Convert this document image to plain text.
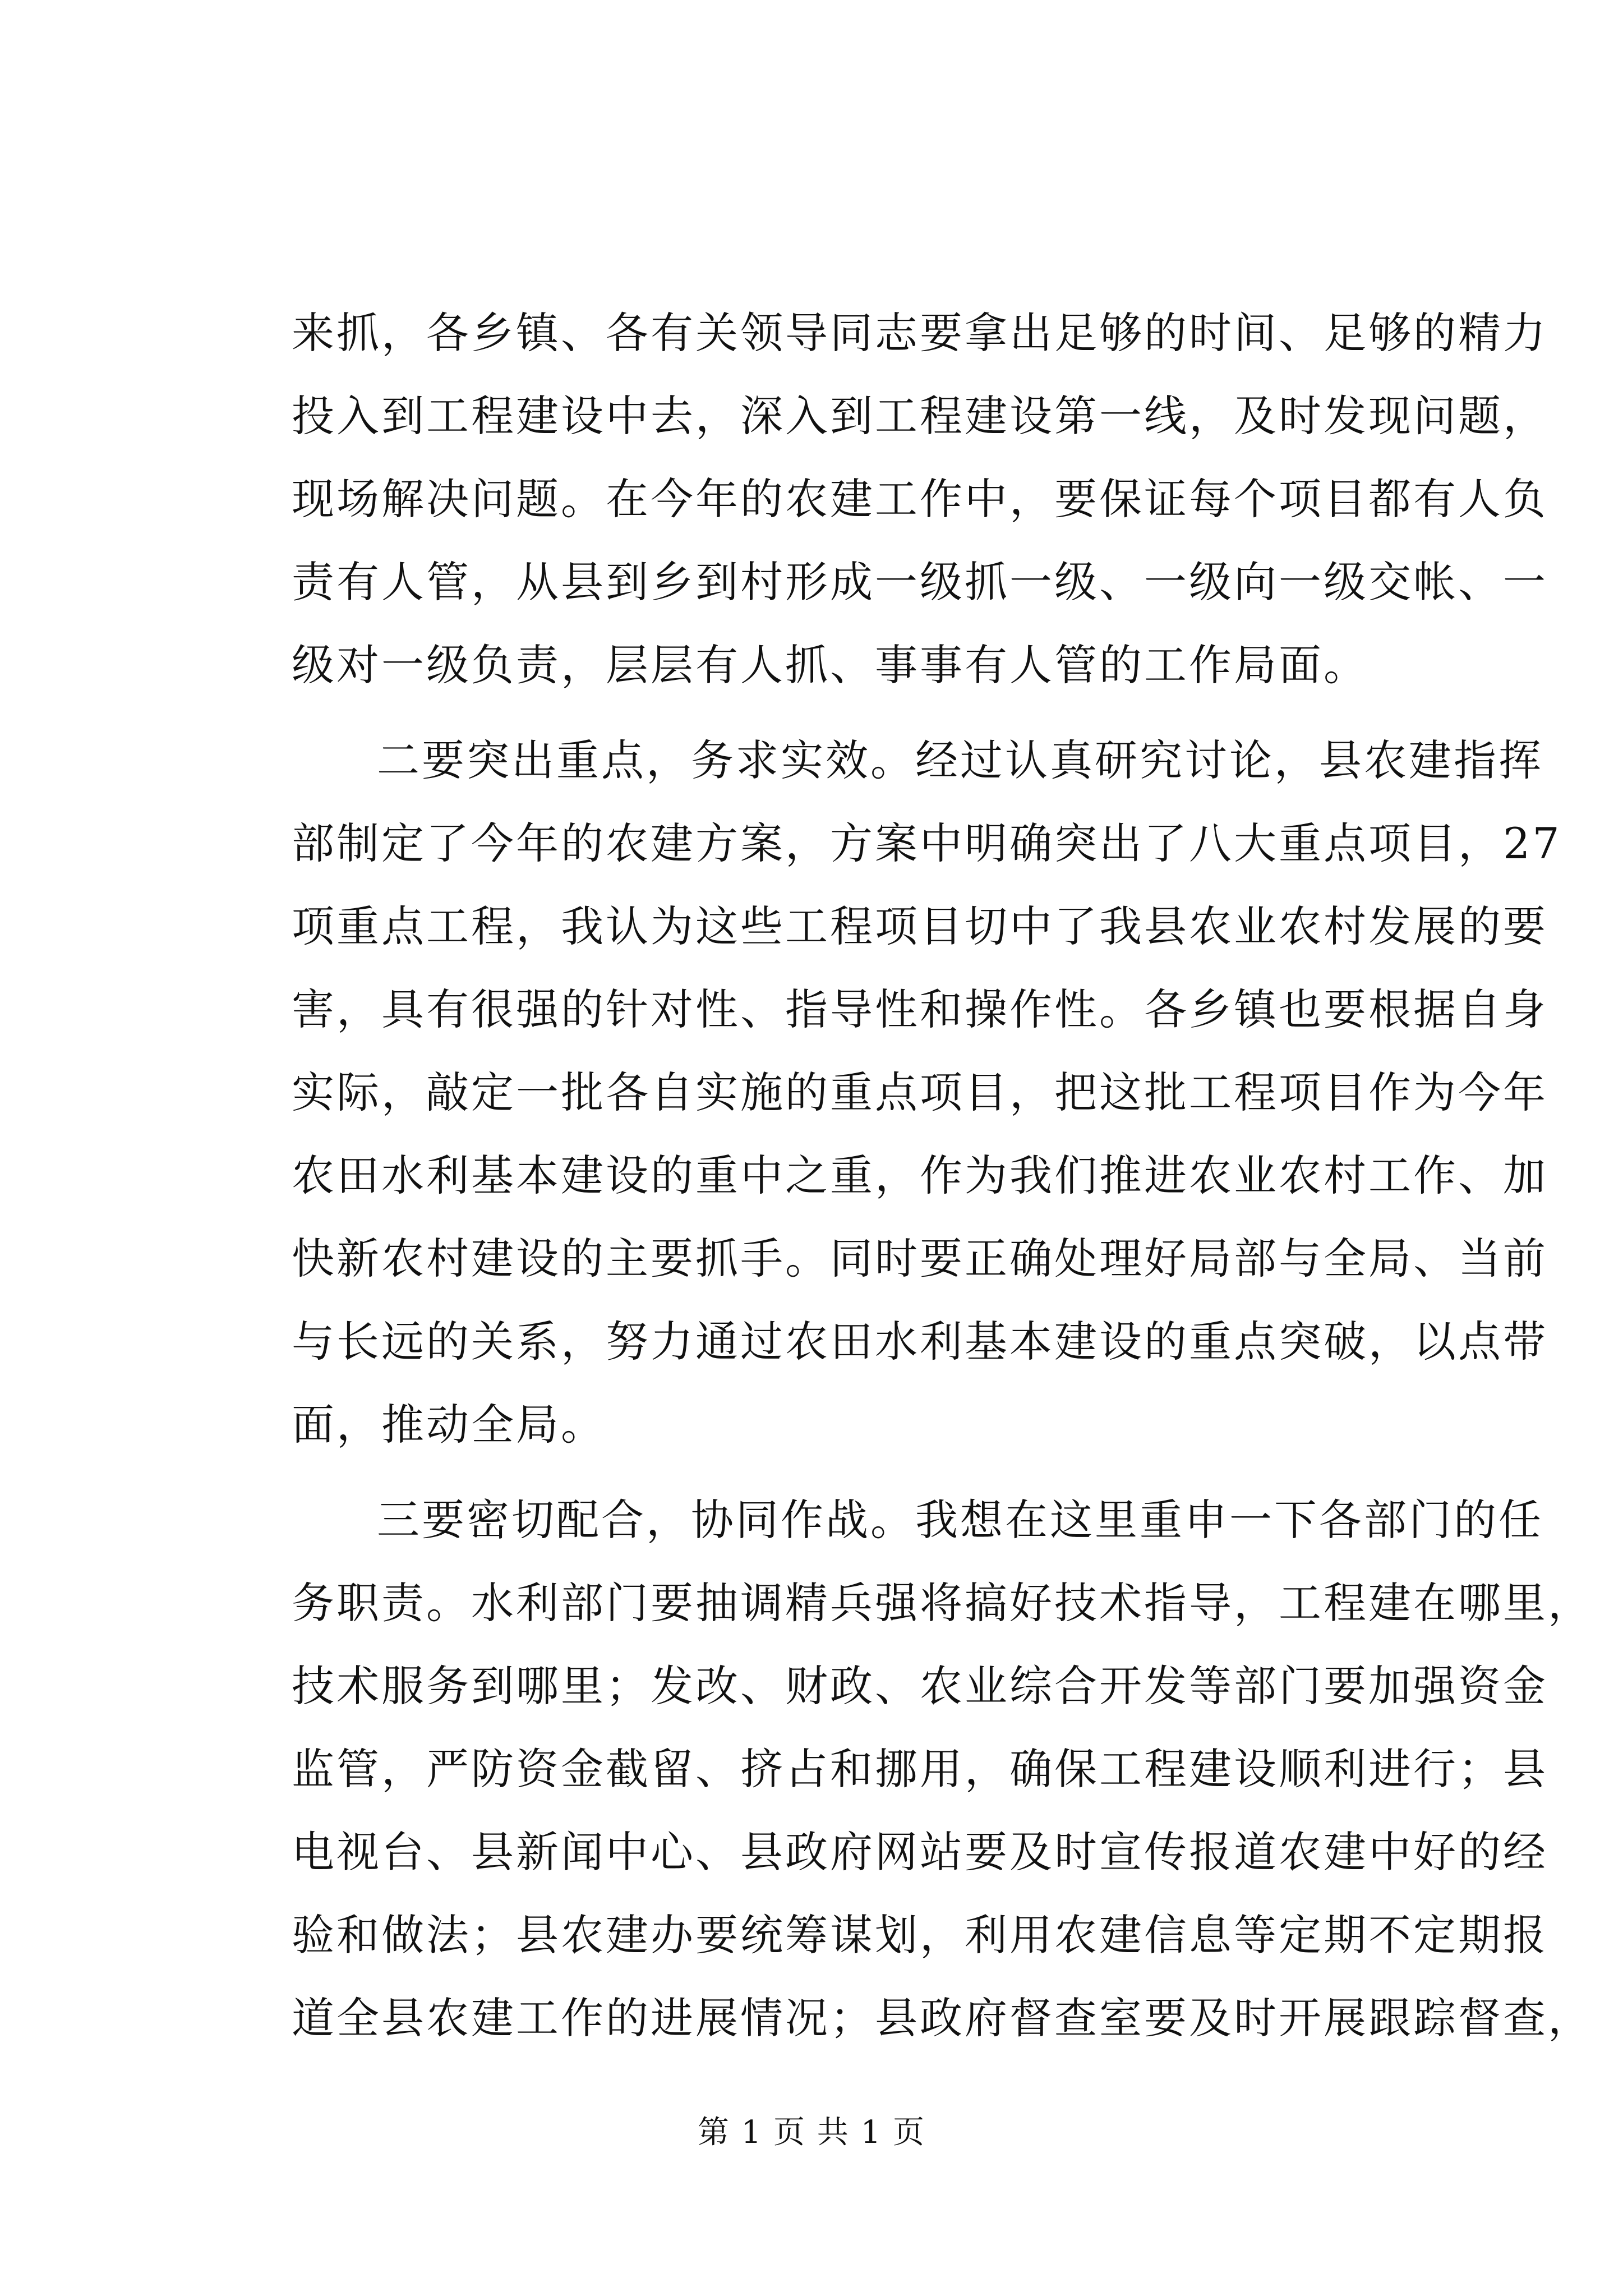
来抓，各乡镇、各有关领导同志要拿出足够的时间、足够的精力
投入到工程建设中去，深入到工程建设第一线，及时发现问题，
现场解决问题。在今年的农建工作中，要保证每个项目都有人负
责有人管，从县到乡到村形成一级抓一级、一级向一级交帐、一
级对一级负责，层层有人抓、事事有人管的工作局面。
二要突出重点，务求实效。经过认真研究讨论，县农建指挥
部制定了今年的农建方案，方案中明确突出了八大重点项目，27
项重点工程，我认为这些工程项目切中了我县农业农村发展的要
害，具有很强的针对性、指导性和操作性。各乡镇也要根据自身
实际，敲定一批各自实施的重点项目，把这批工程项目作为今年
农田水利基本建设的重中之重，作为我们推进农业农村工作、加
快新农村建设的主要抓手。同时要正确处理好局部与全局、当前
与长远的关系，努力通过农田水利基本建设的重点突破，以点带
面，推动全局。
三要密切配合，协同作战。我想在这里重申一下各部门的任
务职责。水利部门要抽调精兵强将搞好技术指导，工程建在哪里，
技术服务到哪里；发改、财政、农业综合开发等部门要加强资金
监管，严防资金截留、挤占和挪用，确保工程建设顺利进行；县
电视台、县新闻中心、县政府网站要及时宣传报道农建中好的经
验和做法；县农建办要统筹谋划，利用农建信息等定期不定期报
道全县农建工作的进展情况；县政府督查室要及时开展跟踪督查，
第 1 页 共 1 页
